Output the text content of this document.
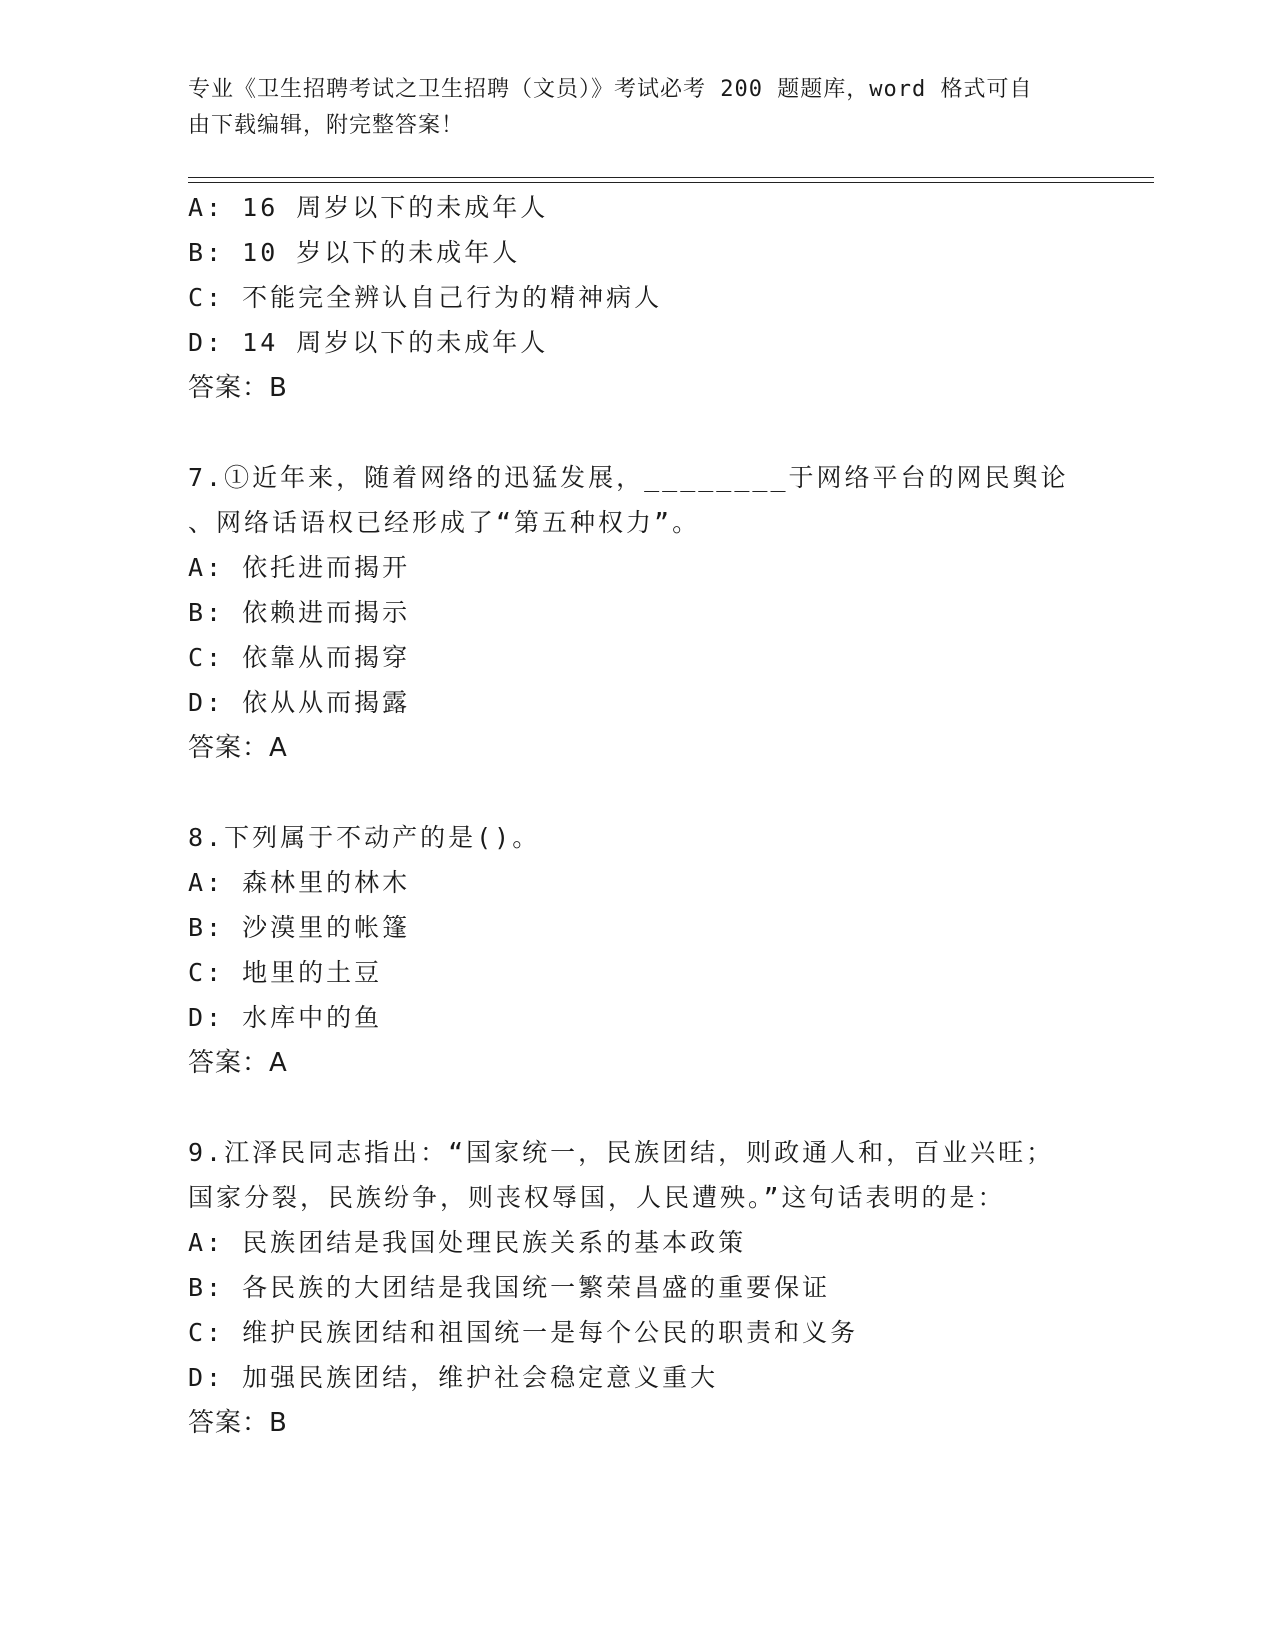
专业《卫生招聘考试之卫生招聘（文员）》考试必考 200 题题库，word 格式可自
由下载编辑，附完整答案！
A: 16 周岁以下的未成年人
B: 10 岁以下的未成年人
C: 不能完全辨认自己行为的精神病人
D: 14 周岁以下的未成年人
答案：B
7.①近年来，随着网络的迅猛发展，________于网络平台的网民舆论
、网络话语权已经形成了“第五种权力”。
A: 依托进而揭开
B: 依赖进而揭示
C: 依靠从而揭穿
D: 依从从而揭露
答案：A
8.下列属于不动产的是()。
A: 森林里的林木
B: 沙漠里的帐篷
C: 地里的土豆
D: 水库中的鱼
答案：A
9.江泽民同志指出：“国家统一，民族团结，则政通人和，百业兴旺；
国家分裂，民族纷争，则丧权辱国，人民遭殃。”这句话表明的是：
A: 民族团结是我国处理民族关系的基本政策
B: 各民族的大团结是我国统一繁荣昌盛的重要保证
C: 维护民族团结和祖国统一是每个公民的职责和义务
D: 加强民族团结，维护社会稳定意义重大
答案：B
